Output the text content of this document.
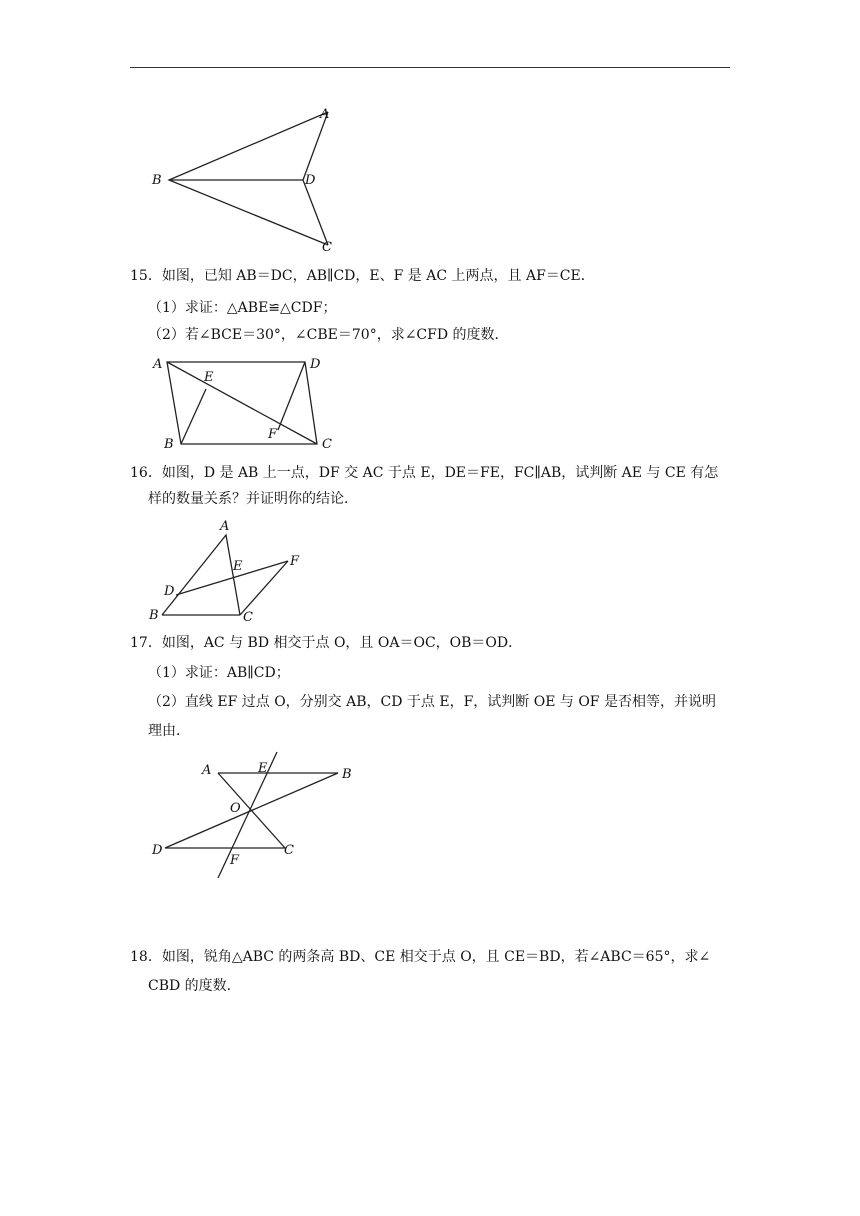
A
B
C
D
15．如图，已知 AB＝DC，AB∥CD，E、F 是 AC 上两点，且 AF＝CE．
（1）求证：△ABE≌△CDF；
（2）若∠BCE＝30°，∠CBE＝70°，求∠CFD 的度数．
A	D
E
F
B	C
16．如图，D 是 AB 上一点，DF 交 AC 于点 E，DE＝FE，FC∥AB，试判断 AE 与 CE 有怎
样的数量关系？并证明你的结论．
A
D
E	F
B	C
17．如图，AC 与 BD 相交于点 O，且 OA＝OC，OB＝OD．
（1）求证：AB∥CD；
（2）直线 EF 过点 O，分别交 AB，CD 于点 E，F，试判断 OE 与 OF 是否相等，并说明
理由．
A	E	B
O
D	C
F
18．如图，锐角△ABC 的两条高 BD、CE 相交于点 O，且 CE＝BD，若∠ABC＝65°，求∠
CBD 的度数．
